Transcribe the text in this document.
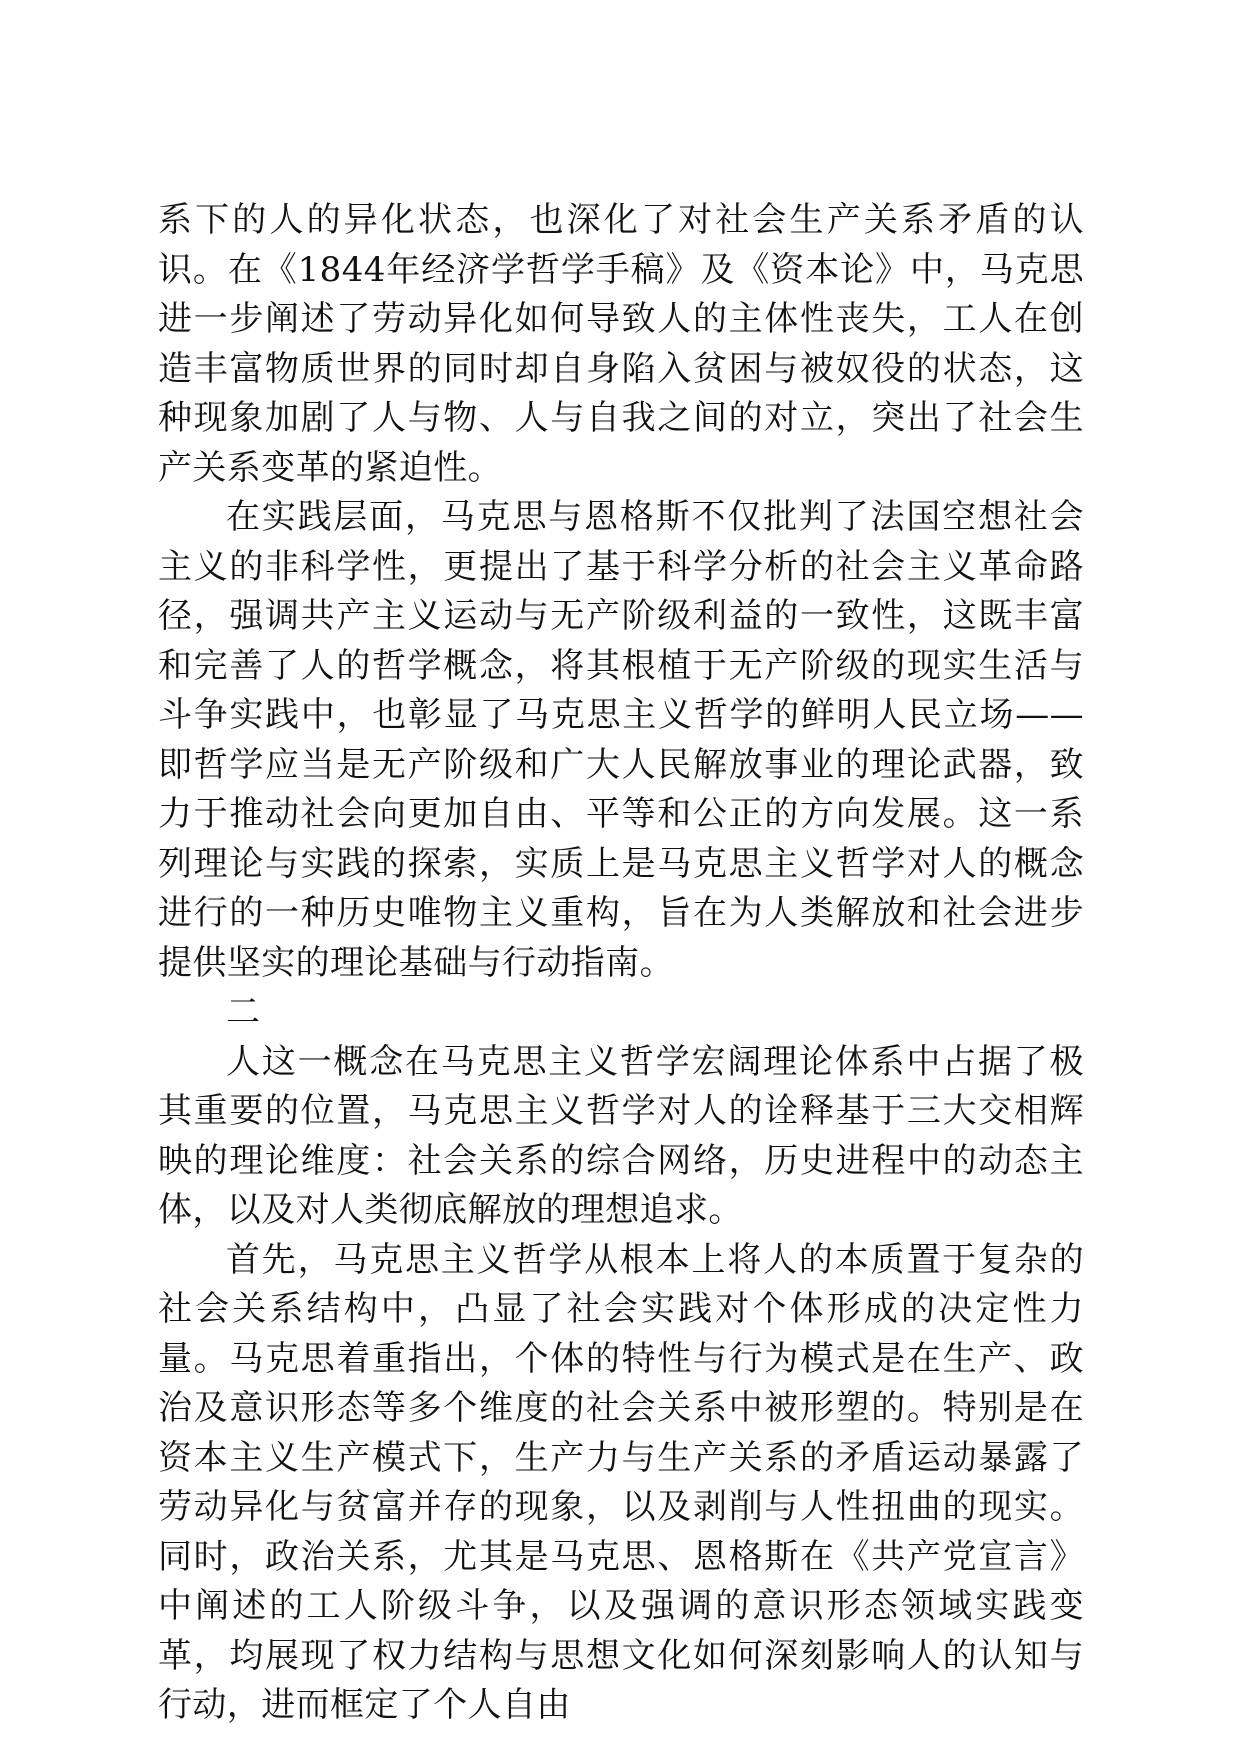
系下的人的异化状态，也深化了对社会生产关系矛盾的认识。在《1844年经济学哲学手稿》及《资本论》中，马克思进一步阐述了劳动异化如何导致人的主体性丧失，工人在创造丰富物质世界的同时却自身陷入贫困与被奴役的状态，这种现象加剧了人与物、人与自我之间的对立，突出了社会生产关系变革的紧迫性。

在实践层面，马克思与恩格斯不仅批判了法国空想社会主义的非科学性，更提出了基于科学分析的社会主义革命路径，强调共产主义运动与无产阶级利益的一致性，这既丰富和完善了人的哲学概念，将其根植于无产阶级的现实生活与斗争实践中，也彰显了马克思主义哲学的鲜明人民立场——即哲学应当是无产阶级和广大人民解放事业的理论武器，致力于推动社会向更加自由、平等和公正的方向发展。这一系列理论与实践的探索，实质上是马克思主义哲学对人的概念进行的一种历史唯物主义重构，旨在为人类解放和社会进步提供坚实的理论基础与行动指南。

二

人这一概念在马克思主义哲学宏阔理论体系中占据了极其重要的位置，马克思主义哲学对人的诠释基于三大交相辉映的理论维度：社会关系的综合网络，历史进程中的动态主体，以及对人类彻底解放的理想追求。

首先，马克思主义哲学从根本上将人的本质置于复杂的社会关系结构中，凸显了社会实践对个体形成的决定性力量。马克思着重指出，个体的特性与行为模式是在生产、政治及意识形态等多个维度的社会关系中被形塑的。特别是在资本主义生产模式下，生产力与生产关系的矛盾运动暴露了劳动异化与贫富并存的现象，以及剥削与人性扭曲的现实。同时，政治关系，尤其是马克思、恩格斯在《共产党宣言》中阐述的工人阶级斗争，以及强调的意识形态领域实践变革，均展现了权力结构与思想文化如何深刻影响人的认知与行动，进而框定了个人自由
